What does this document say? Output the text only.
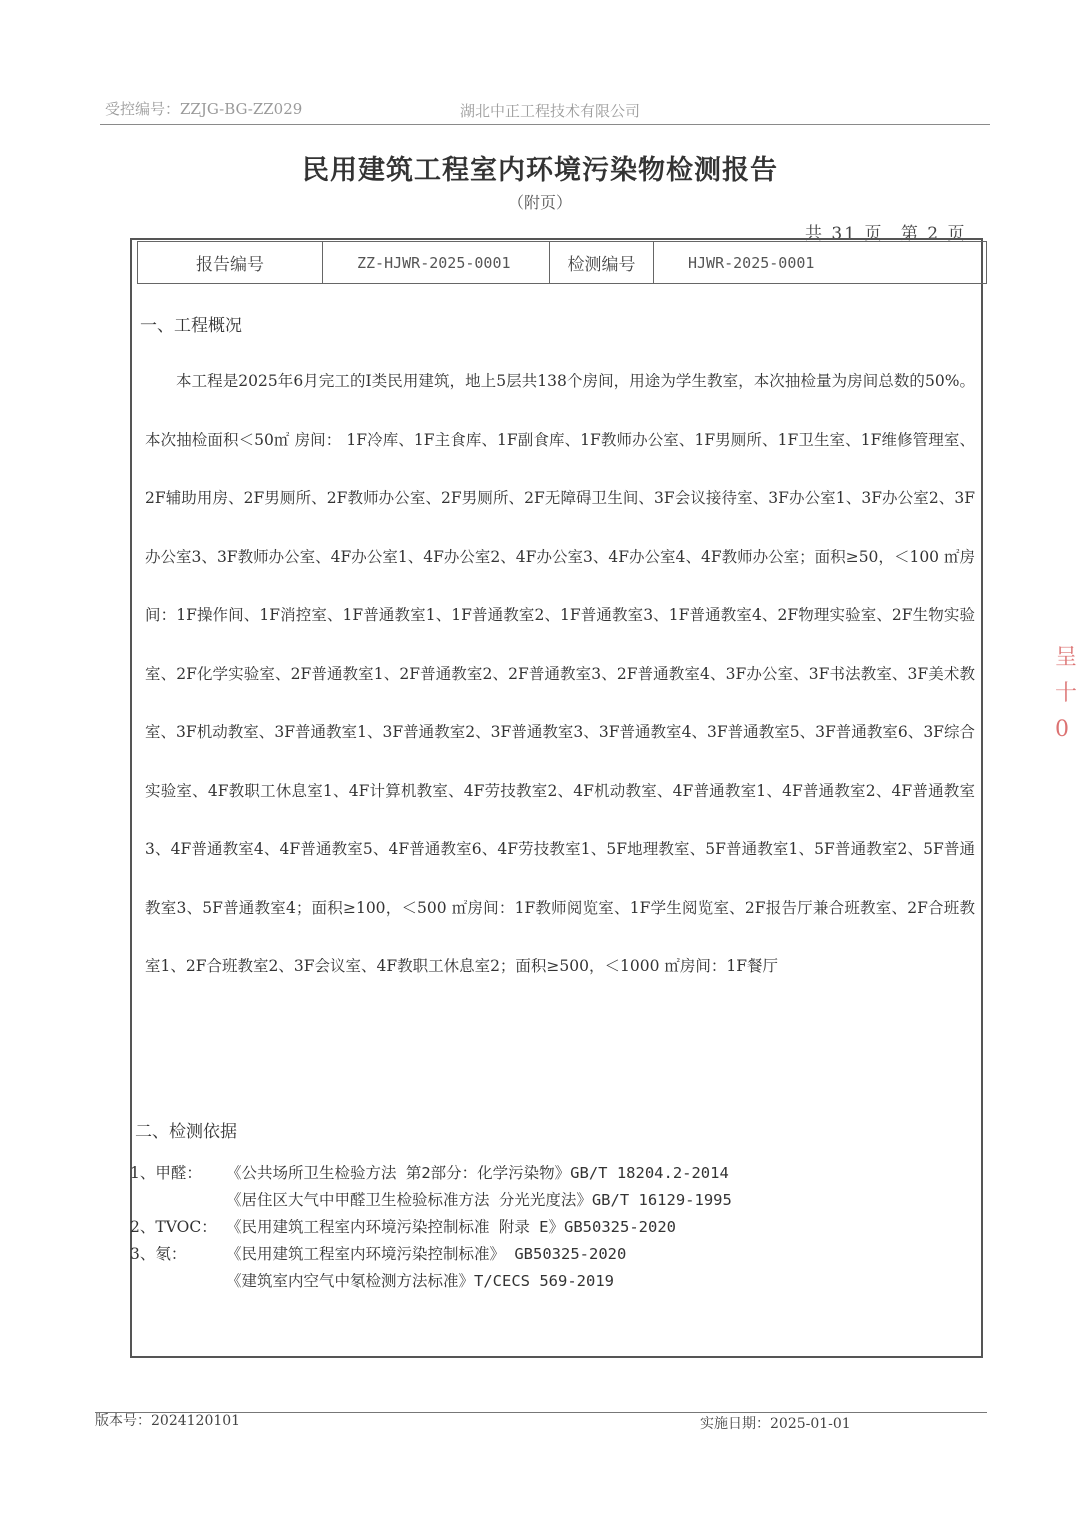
受控编号：ZZJG-BG-ZZ029	湖北中正工程技术有限公司
民用建筑工程室内环境污染物检测报告
（附页）
共 31 页 第 2 页
报告编号	ZZ-HJWR-2025-0001	检测编号	HJWR-2025-0001
一、工程概况

本工程是2025年6月完工的Ⅰ类民用建筑，地上5层共138个房间，用途为学生教室，本次抽检量为房间总数的50%。本次抽检面积＜50㎡ 房间： 1F冷库、1F主食库、1F副食库、1F教师办公室、1F男厕所、1F卫生室、1F维修管理室、2F辅助用房、2F男厕所、2F教师办公室、2F男厕所、2F无障碍卫生间、3F会议接待室、3F办公室1、3F办公室2、3F办公室3、3F教师办公室、4F办公室1、4F办公室2、4F办公室3、4F办公室4、4F教师办公室；面积≥50，＜100 ㎡房间：1F操作间、1F消控室、1F普通教室1、1F普通教室2、1F普通教室3、1F普通教室4、2F物理实验室、2F生物实验室、2F化学实验室、2F普通教室1、2F普通教室2、2F普通教室3、2F普通教室4、3F办公室、3F书法教室、3F美术教室、3F机动教室、3F普通教室1、3F普通教室2、3F普通教室3、3F普通教室4、3F普通教室5、3F普通教室6、3F综合实验室、4F教职工休息室1、4F计算机教室、4F劳技教室2、4F机动教室、4F普通教室1、4F普通教室2、4F普通教室3、4F普通教室4、4F普通教室5、4F普通教室6、4F劳技教室1、5F地理教室、5F普通教室1、5F普通教室2、5F普通教室3、5F普通教室4；面积≥100，＜500 ㎡房间：1F教师阅览室、1F学生阅览室、2F报告厅兼合班教室、2F合班教室1、2F合班教室2、3F会议室、4F教职工休息室2；面积≥500，＜1000 ㎡房间：1F餐厅

二、检测依据
1、甲醛： 《公共场所卫生检验方法 第2部分：化学污染物》GB/T 18204.2-2014
《居住区大气中甲醛卫生检验标准方法 分光光度法》GB/T 16129-1995
2、TVOC： 《民用建筑工程室内环境污染控制标准 附录 E》GB50325-2020
3、氡：	《民用建筑工程室内环境污染控制标准》 GB50325-2020
《建筑室内空气中氡检测方法标准》T/CECS 569-2019
呈
十
0
版本号：2024120101	实施日期：2025-01-01
